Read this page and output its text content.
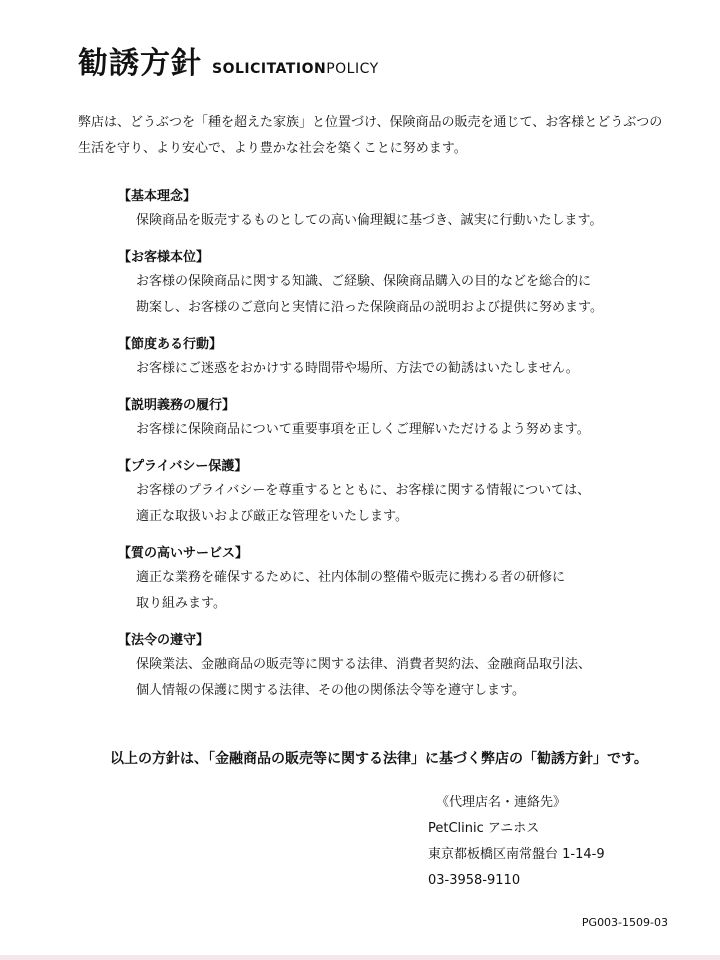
勧誘方針 SOLICITATIONPOLICY

弊店は、どうぶつを「種を超えた家族」と位置づけ、保険商品の販売を通じて、お客様とどうぶつの

生活を守り、より安心で、より豊かな社会を築くことに努めます。

【基本理念】

保険商品を販売するものとしての高い倫理観に基づき、誠実に行動いたします。

【お客様本位】

お客様の保険商品に関する知識、ご経験、保険商品購入の目的などを総合的に

勘案し、お客様のご意向と実情に沿った保険商品の説明および提供に努めます。

【節度ある行動】

お客様にご迷惑をおかけする時間帯や場所、方法での勧誘はいたしません。

【説明義務の履行】

お客様に保険商品について重要事項を正しくご理解いただけるよう努めます。

【プライバシー保護】

お客様のプライバシーを尊重するとともに、お客様に関する情報については、

適正な取扱いおよび厳正な管理をいたします。

【質の高いサービス】

適正な業務を確保するために、社内体制の整備や販売に携わる者の研修に

取り組みます。

【法令の遵守】

保険業法、金融商品の販売等に関する法律、消費者契約法、金融商品取引法、

個人情報の保護に関する法律、その他の関係法令等を遵守します。

以上の方針は、「金融商品の販売等に関する法律」に基づく弊店の「勧誘方針」です。

《代理店名・連絡先》

PetClinic アニホス

東京都板橋区南常盤台 1-14-9

03-3958-9110

PG003-1509-03
